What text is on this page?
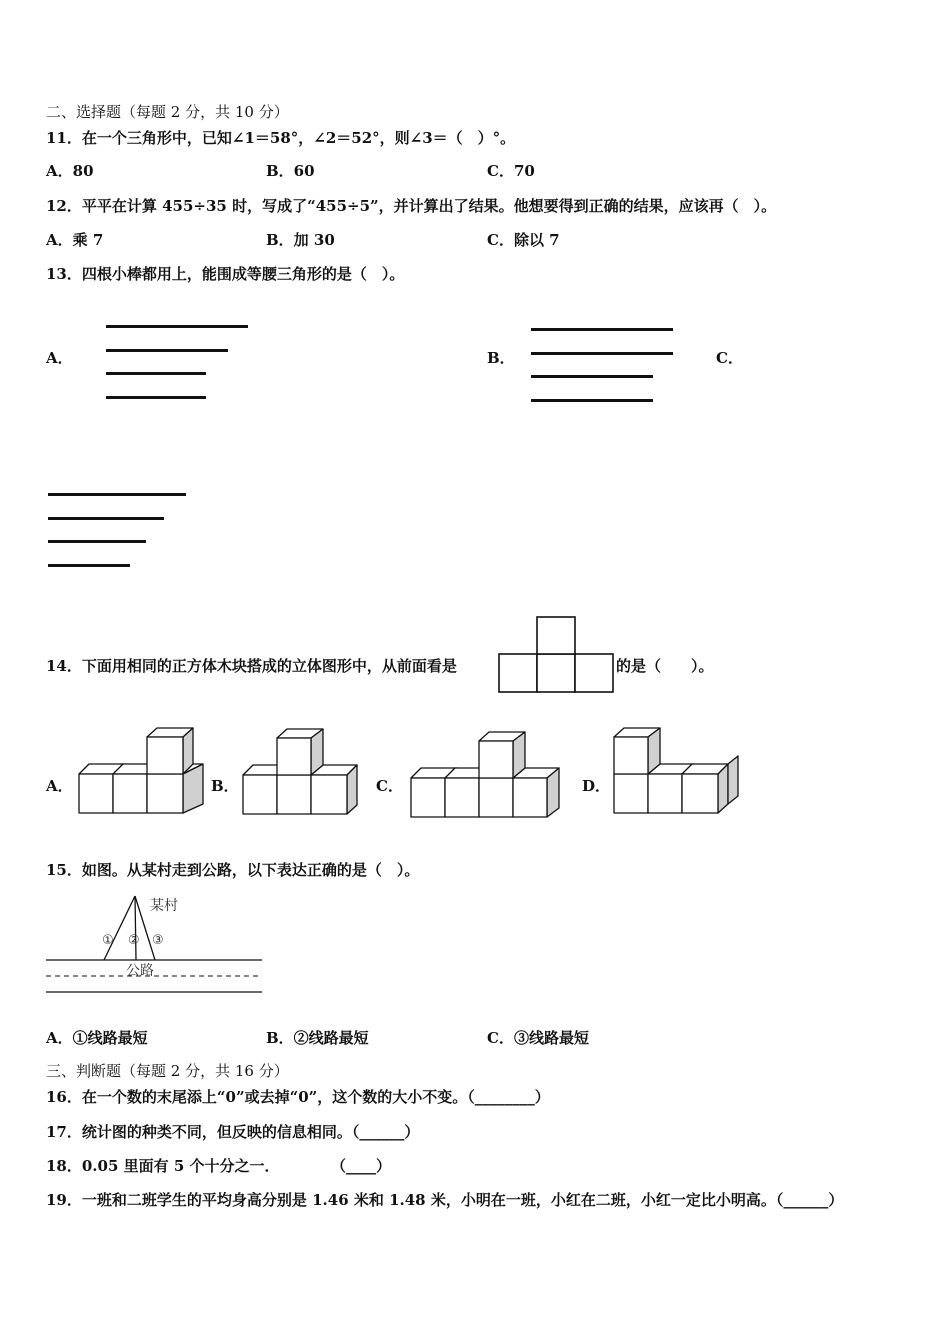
二、选择题（每题 2 分，共 10 分）
11．在一个三角形中，已知∠1＝58°，∠2＝52°，则∠3＝（　）°。
A．80	B．60	C．70
12．平平在计算 455÷35 时，写成了“455÷5”，并计算出了结果。他想要得到正确的结果，应该再（　）。
A．乘 7	B．加 30	C．除以 7
13．四根小棒都用上，能围成等腰三角形的是（　）。
A．	B．	C．
14．下面用相同的正方体木块搭成的立体图形中，从前面看是	的是（　　）。
A．	B．	C．	D．
15．如图。从某村走到公路，以下表达正确的是（　）。
某村
① ② ③
公路
A．①线路最短	B．②线路最短	C．③线路最短
三、判断题（每题 2 分，共 16 分）
16．在一个数的末尾添上“0”或去掉“0”，这个数的大小不变。（________）
17．统计图的种类不同，但反映的信息相同。（______）
18．0.05 里面有 5 个十分之一．	（____）
19．一班和二班学生的平均身高分别是 1.46 米和 1.48 米，小明在一班，小红在二班，小红一定比小明高。（______）
